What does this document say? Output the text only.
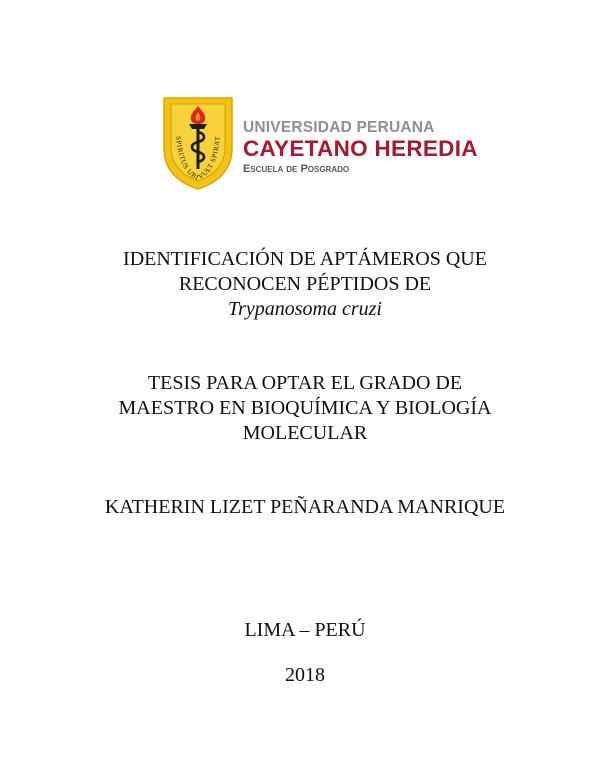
SPIRITUS UBI VULT SPIRAT
UNIVERSIDAD PERUANA
CAYETANO HEREDIA
Escuela de Posgrado
IDENTIFICACIÓN DE APTÁMEROS QUE
RECONOCEN PÉPTIDOS DE
Trypanosoma cruzi
TESIS PARA OPTAR EL GRADO DE
MAESTRO EN BIOQUÍMICA Y BIOLOGÍA
MOLECULAR
KATHERIN LIZET PEÑARANDA MANRIQUE
LIMA – PERÚ
2018
